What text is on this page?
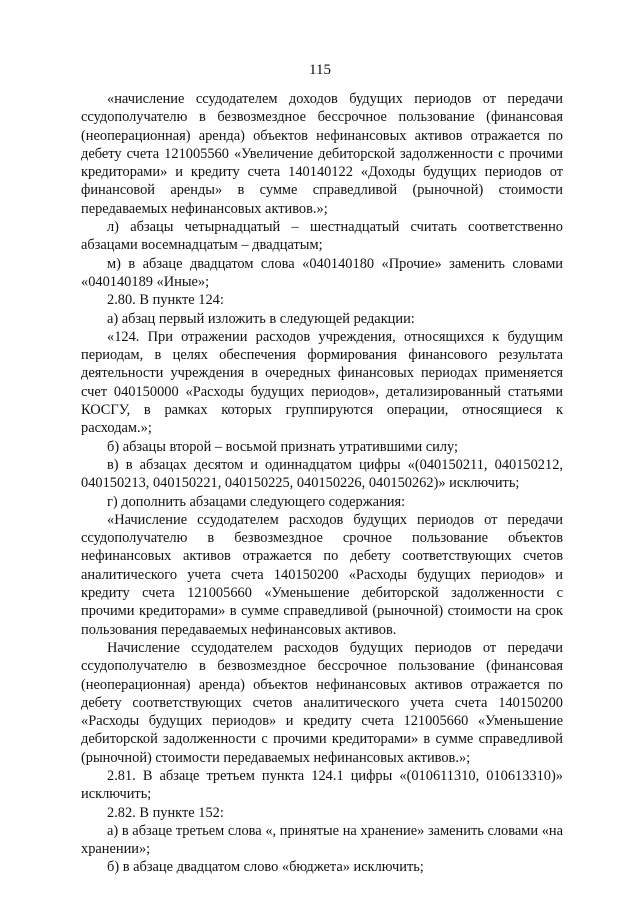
115

«начисление ссудодателем доходов будущих периодов от передачи ссудополучателю в безвозмездное бессрочное пользование (финансовая (неоперационная) аренда) объектов нефинансовых активов отражается по дебету счета 121005560 «Увеличение дебиторской задолженности с прочими кредиторами» и кредиту счета 140140122 «Доходы будущих периодов от финансовой аренды» в сумме справедливой (рыночной) стоимости передаваемых нефинансовых активов.»;

л) абзацы четырнадцатый – шестнадцатый считать соответственно абзацами восемнадцатым – двадцатым;

м) в абзаце двадцатом слова «040140180 «Прочие» заменить словами «040140189 «Иные»;

2.80. В пункте 124:

а) абзац первый изложить в следующей редакции:

«124. При отражении расходов учреждения, относящихся к будущим периодам, в целях обеспечения формирования финансового результата деятельности учреждения в очередных финансовых периодах применяется счет 040150000 «Расходы будущих периодов», детализированный статьями КОСГУ, в рамках которых группируются операции, относящиеся к расходам.»;

б) абзацы второй – восьмой признать утратившими силу;

в) в абзацах десятом и одиннадцатом цифры «(040150211, 040150212, 040150213, 040150221, 040150225, 040150226, 040150262)» исключить;

г) дополнить абзацами следующего содержания:

«Начисление ссудодателем расходов будущих периодов от передачи ссудополучателю в безвозмездное срочное пользование объектов нефинансовых активов отражается по дебету соответствующих счетов аналитического учета счета 140150200 «Расходы будущих периодов» и кредиту счета 121005660 «Уменьшение дебиторской задолженности с прочими кредиторами» в сумме справедливой (рыночной) стоимости на срок пользования передаваемых нефинансовых активов.

Начисление ссудодателем расходов будущих периодов от передачи ссудополучателю в безвозмездное бессрочное пользование (финансовая (неоперационная) аренда) объектов нефинансовых активов отражается по дебету соответствующих счетов аналитического учета счета 140150200 «Расходы будущих периодов» и кредиту счета 121005660 «Уменьшение дебиторской задолженности с прочими кредиторами» в сумме справедливой (рыночной) стоимости передаваемых нефинансовых активов.»;

2.81. В абзаце третьем пункта 124.1 цифры «(010611310, 010613310)» исключить;

2.82. В пункте 152:

а) в абзаце третьем слова «, принятые на хранение» заменить словами «на хранении»;

б) в абзаце двадцатом слово «бюджета» исключить;
